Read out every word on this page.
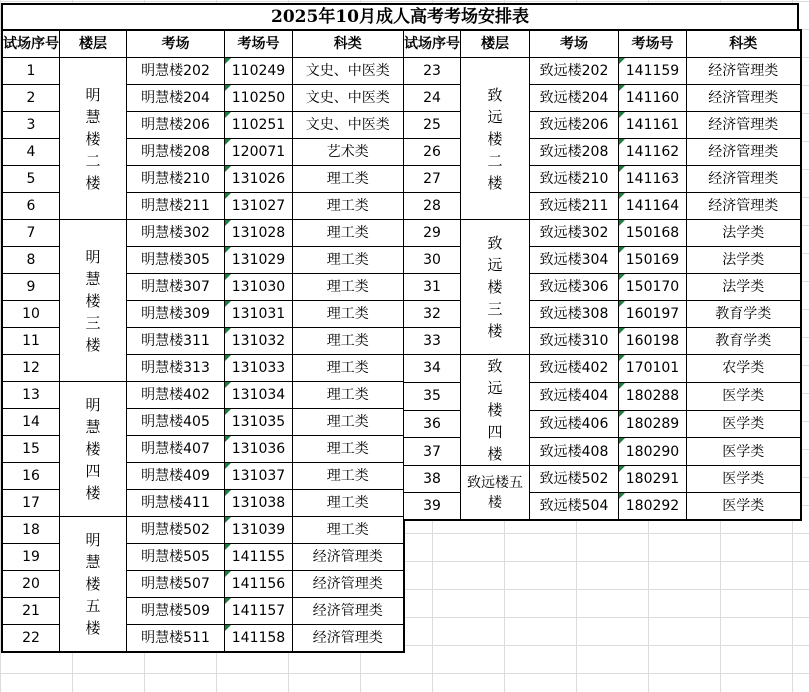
2025年10月成人高考考场安排表
试场序号	楼层	考场	考场号	科类
1	明慧楼二楼	明慧楼202	110249	文史、中医类
2		明慧楼204	110250	文史、中医类
3		明慧楼206	110251	文史、中医类
4		明慧楼208	120071	艺术类
5		明慧楼210	131026	理工类
6		明慧楼211	131027	理工类
7	明慧楼三楼	明慧楼302	131028	理工类
8		明慧楼305	131029	理工类
9		明慧楼307	131030	理工类
10		明慧楼309	131031	理工类
11		明慧楼311	131032	理工类
12		明慧楼313	131033	理工类
13	明慧楼四楼	明慧楼402	131034	理工类
14		明慧楼405	131035	理工类
15		明慧楼407	131036	理工类
16		明慧楼409	131037	理工类
17		明慧楼411	131038	理工类
18	明慧楼五楼	明慧楼502	131039	理工类
19		明慧楼505	141155	经济管理类
20		明慧楼507	141156	经济管理类
21		明慧楼509	141157	经济管理类
22		明慧楼511	141158	经济管理类
试场序号	楼层	考场	考场号	科类
23	致远楼二楼	致远楼202	141159	经济管理类
24		致远楼204	141160	经济管理类
25		致远楼206	141161	经济管理类
26		致远楼208	141162	经济管理类
27		致远楼210	141163	经济管理类
28		致远楼211	141164	经济管理类
29	致远楼三楼	致远楼302	150168	法学类
30		致远楼304	150169	法学类
31		致远楼306	150170	法学类
32		致远楼308	160197	教育学类
33		致远楼310	160198	教育学类
34	致远楼四楼	致远楼402	170101	农学类
35		致远楼404	180288	医学类
36		致远楼406	180289	医学类
37		致远楼408	180290	医学类
38	致远楼五楼	致远楼502	180291	医学类
39		致远楼504	180292	医学类
